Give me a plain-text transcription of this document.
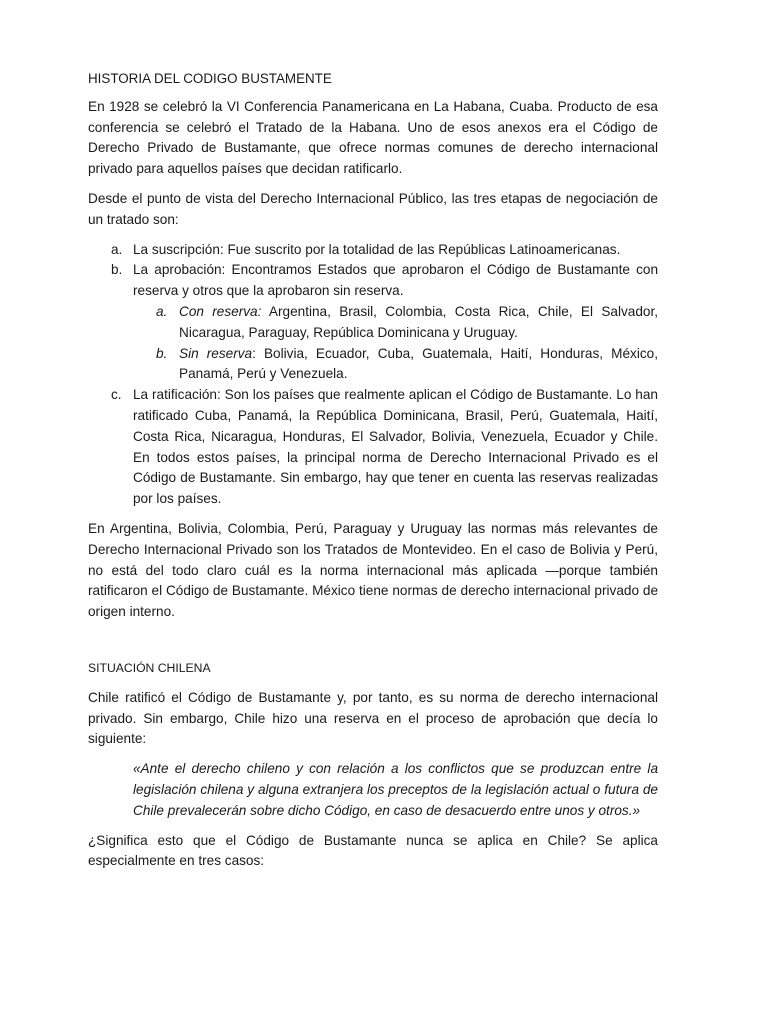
HISTORIA DEL CODIGO BUSTAMENTE

En 1928 se celebró la VI Conferencia Panamericana en La Habana, Cuaba. Producto de esa conferencia se celebró el Tratado de la Habana. Uno de esos anexos era el Código de Derecho Privado de Bustamante, que ofrece normas comunes de derecho internacional privado para aquellos países que decidan ratificarlo.

Desde el punto de vista del Derecho Internacional Público, las tres etapas de negociación de un tratado son:

a. La suscripción: Fue suscrito por la totalidad de las Repúblicas Latinoamericanas.
b. La aprobación: Encontramos Estados que aprobaron el Código de Bustamante con reserva y otros que la aprobaron sin reserva.
a. Con reserva: Argentina, Brasil, Colombia, Costa Rica, Chile, El Salvador, Nicaragua, Paraguay, República Dominicana y Uruguay.
b. Sin reserva: Bolivia, Ecuador, Cuba, Guatemala, Haití, Honduras, México, Panamá, Perú y Venezuela.
c. La ratificación: Son los países que realmente aplican el Código de Bustamante. Lo han ratificado Cuba, Panamá, la República Dominicana, Brasil, Perú, Guatemala, Haití, Costa Rica, Nicaragua, Honduras, El Salvador, Bolivia, Venezuela, Ecuador y Chile. En todos estos países, la principal norma de Derecho Internacional Privado es el Código de Bustamante. Sin embargo, hay que tener en cuenta las reservas realizadas por los países.

En Argentina, Bolivia, Colombia, Perú, Paraguay y Uruguay las normas más relevantes de Derecho Internacional Privado son los Tratados de Montevideo. En el caso de Bolivia y Perú, no está del todo claro cuál es la norma internacional más aplicada —porque también ratificaron el Código de Bustamante. México tiene normas de derecho internacional privado de origen interno.

SITUACIÓN CHILENA

Chile ratificó el Código de Bustamante y, por tanto, es su norma de derecho internacional privado. Sin embargo, Chile hizo una reserva en el proceso de aprobación que decía lo siguiente:

«Ante el derecho chileno y con relación a los conflictos que se produzcan entre la legislación chilena y alguna extranjera los preceptos de la legislación actual o futura de Chile prevalecerán sobre dicho Código, en caso de desacuerdo entre unos y otros.»

¿Significa esto que el Código de Bustamante nunca se aplica en Chile? Se aplica especialmente en tres casos:
